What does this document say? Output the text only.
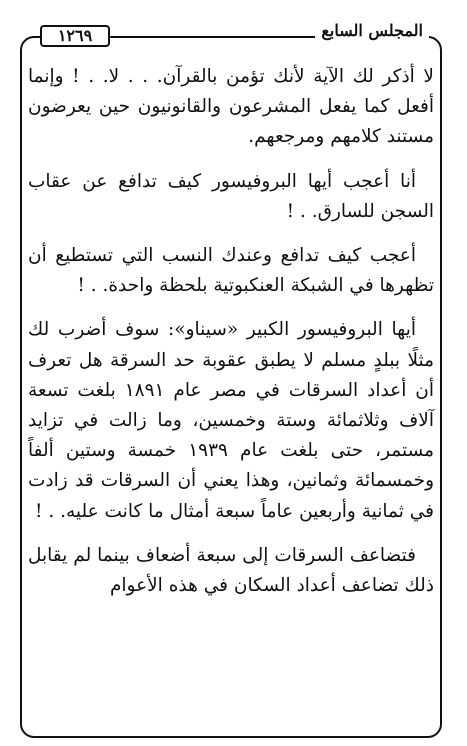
المجلس السابع
١٢٦٩

لا أذكر لك الآية لأنك تؤمن بالقرآن. . . لا. . ! وإنما أفعل كما يفعل المشرعون والقانونيون حين يعرضون مستند كلامهم ومرجعهم.

أنا أعجب أيها البروفيسور كيف تدافع عن عقاب السجن للسارق. . !

أعجب كيف تدافع وعندك النسب التي تستطيع أن تظهرها في الشبكة العنكبوتية بلحظة واحدة. . !

أيها البروفيسور الكبير «سيناو»: سوف أضرب لك مثلًا ببلدٍ مسلم لا يطبق عقوبة حد السرقة هل تعرف أن أعداد السرقات في مصر عام ١٨٩١ بلغت تسعة آلاف وثلاثمائة وستة وخمسين، وما زالت في تزايد مستمر، حتى بلغت عام ١٩٣٩ خمسة وستين ألفاً وخمسمائة وثمانين، وهذا يعني أن السرقات قد زادت في ثمانية وأربعين عاماً سبعة أمثال ما كانت عليه. . !

فتضاعف السرقات إلى سبعة أضعاف بينما لم يقابل ذلك تضاعف أعداد السكان في هذه الأعوام
